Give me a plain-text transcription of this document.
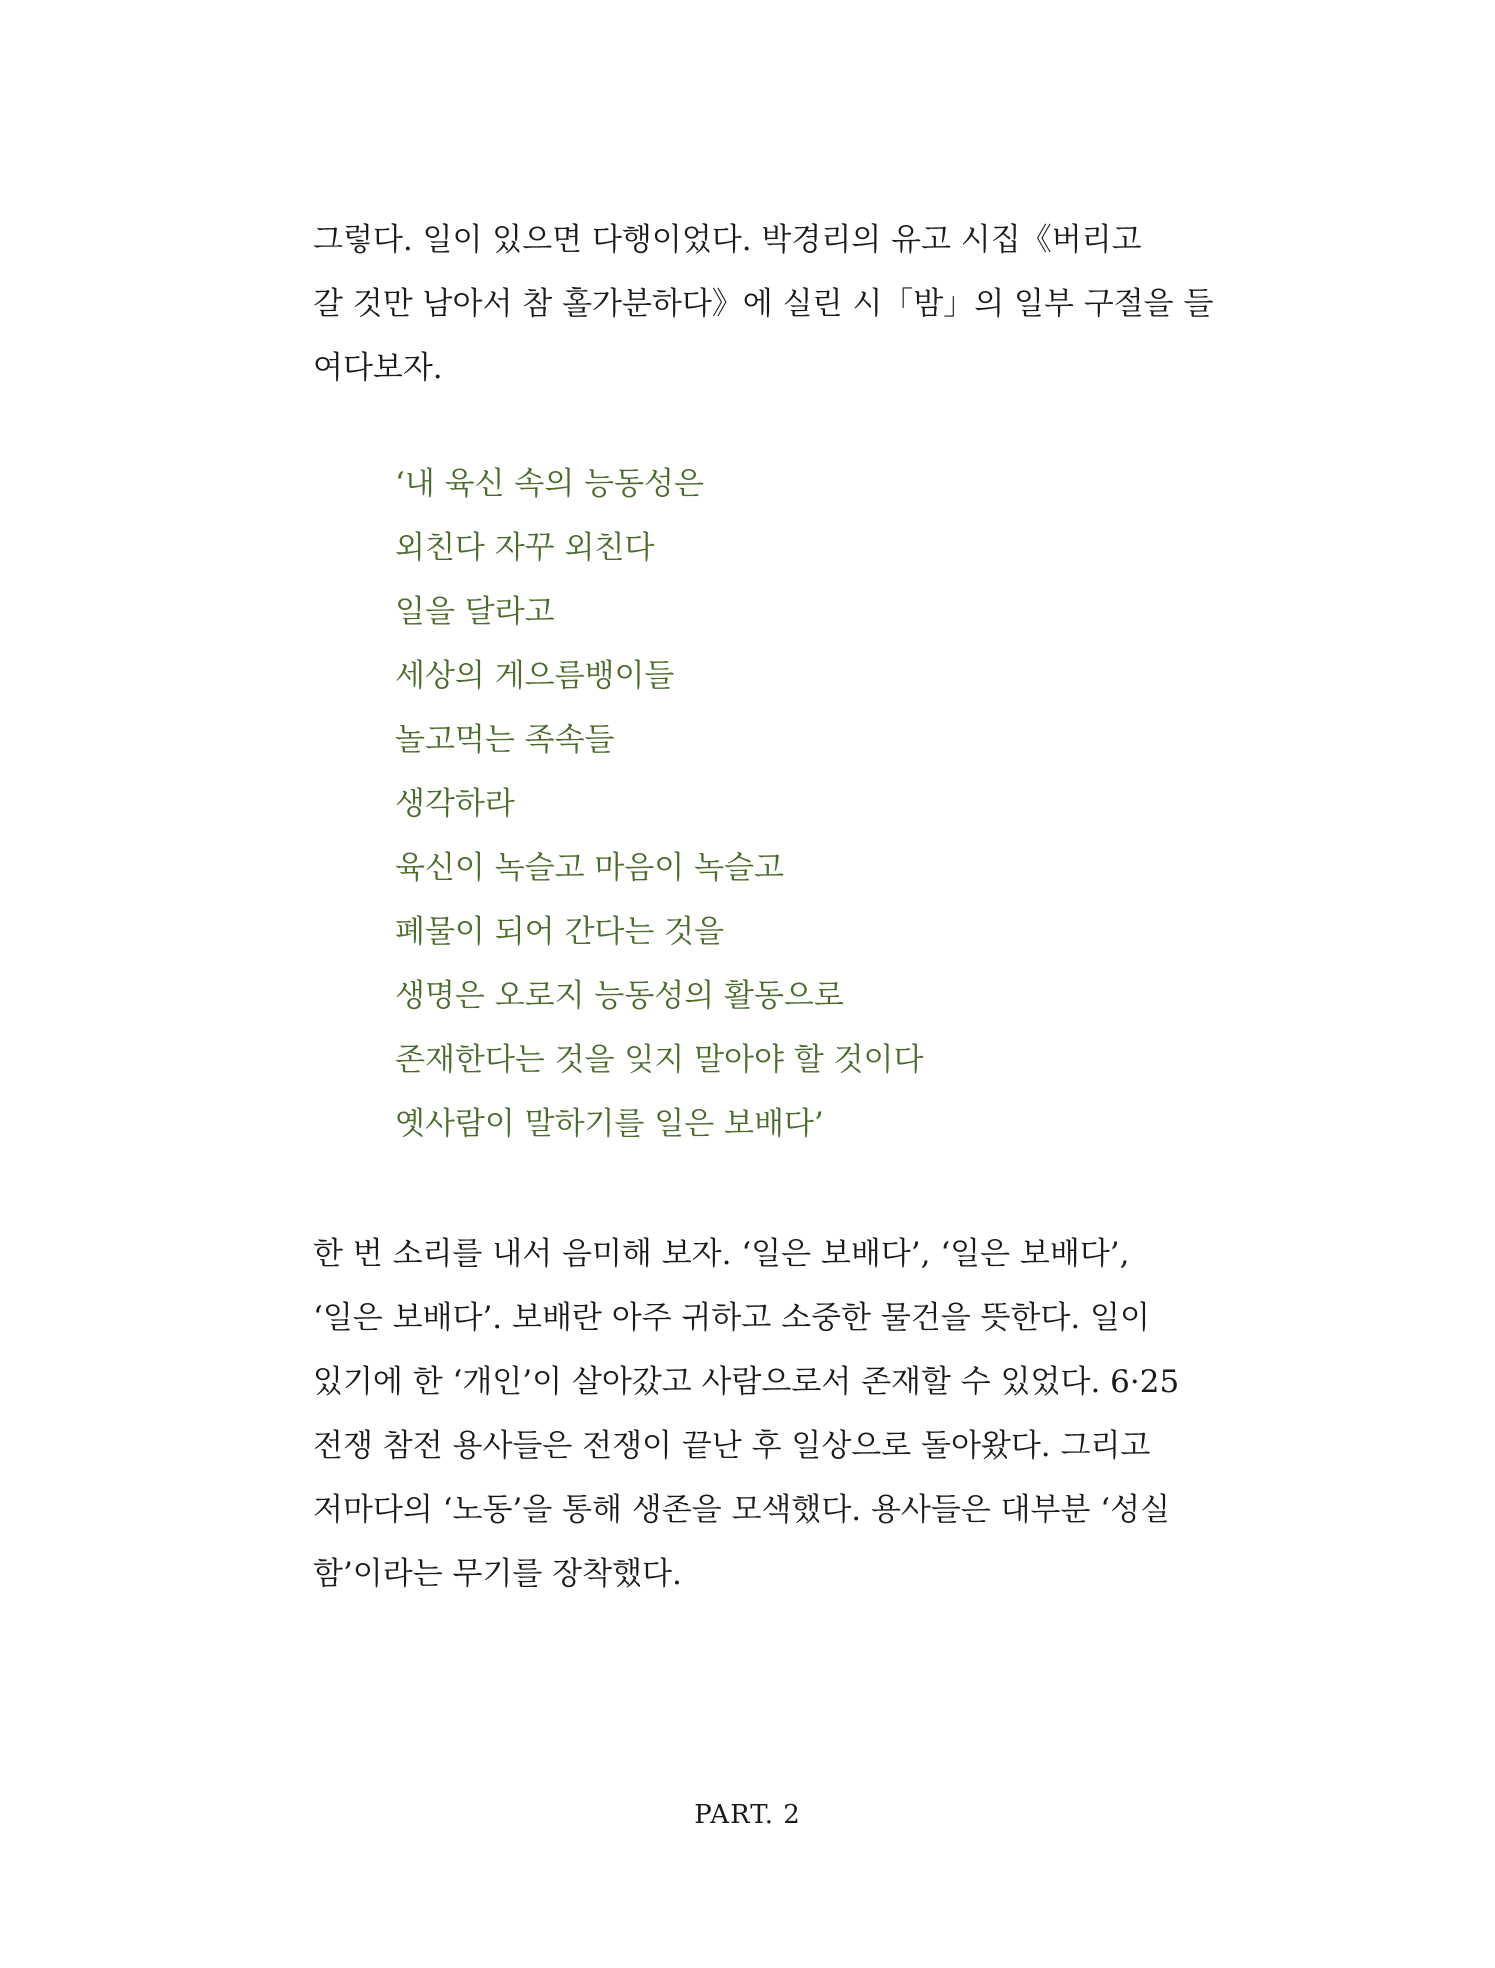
그렇다. 일이 있으면 다행이었다. 박경리의 유고 시집《버리고
갈 것만 남아서 참 홀가분하다》에 실린 시「밤」의 일부 구절을 들
여다보자.

‘내 육신 속의 능동성은
외친다 자꾸 외친다
일을 달라고
세상의 게으름뱅이들
놀고먹는 족속들
생각하라
육신이 녹슬고 마음이 녹슬고
폐물이 되어 간다는 것을
생명은 오로지 능동성의 활동으로
존재한다는 것을 잊지 말아야 할 것이다
옛사람이 말하기를 일은 보배다’

한 번 소리를 내서 음미해 보자. ‘일은 보배다’, ‘일은 보배다’,
‘일은 보배다’. 보배란 아주 귀하고 소중한 물건을 뜻한다. 일이
있기에 한 ‘개인’이 살아갔고 사람으로서 존재할 수 있었다. 6·25
전쟁 참전 용사들은 전쟁이 끝난 후 일상으로 돌아왔다. 그리고
저마다의 ‘노동’을 통해 생존을 모색했다. 용사들은 대부분 ‘성실
함’이라는 무기를 장착했다.

PART. 2
